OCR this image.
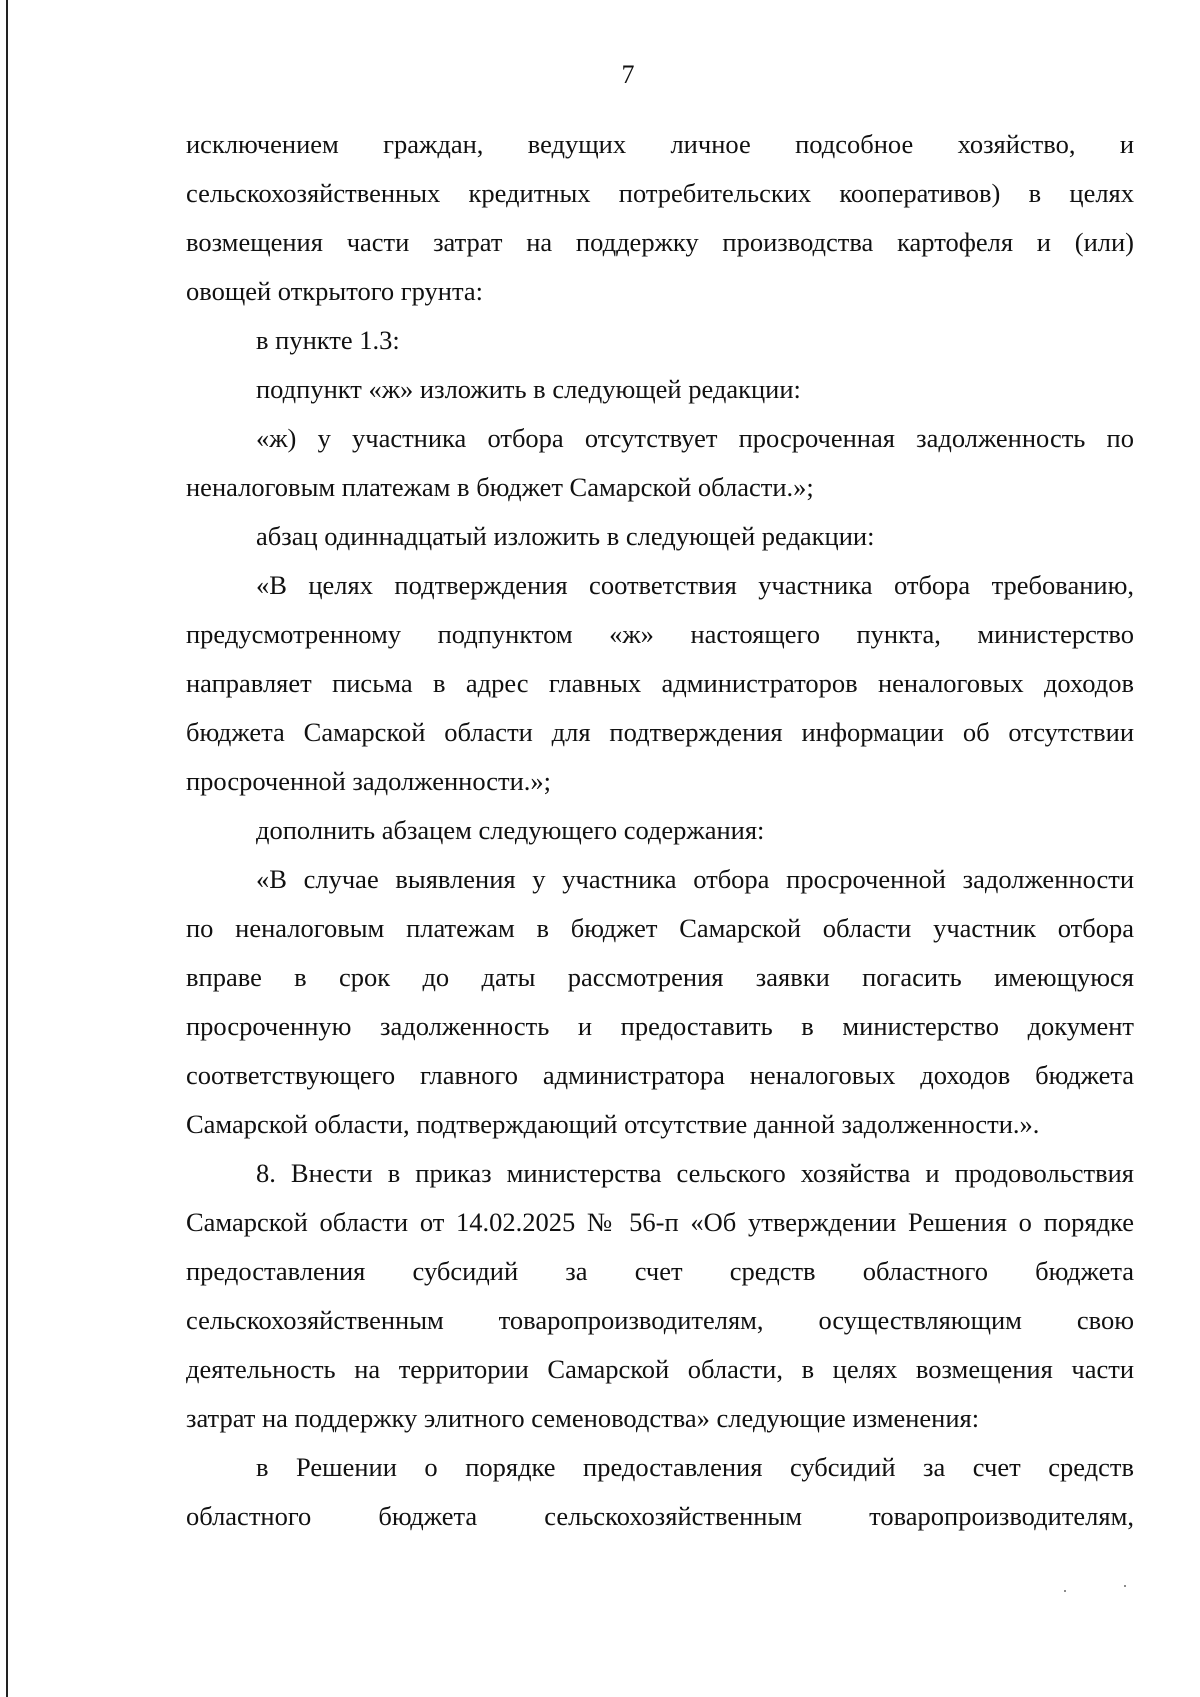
7

исключением граждан, ведущих личное подсобное хозяйство, и
сельскохозяйственных кредитных потребительских кооперативов) в целях
возмещения части затрат на поддержку производства картофеля и (или)
овощей открытого грунта:

в пункте 1.3:

подпункт «ж» изложить в следующей редакции:

«ж) у участника отбора отсутствует просроченная задолженность по
неналоговым платежам в бюджет Самарской области.»;

абзац одиннадцатый изложить в следующей редакции:

«В целях подтверждения соответствия участника отбора требованию,
предусмотренному подпунктом «ж» настоящего пункта, министерство
направляет письма в адрес главных администраторов неналоговых доходов
бюджета Самарской области для подтверждения информации об отсутствии
просроченной задолженности.»;

дополнить абзацем следующего содержания:

«В случае выявления у участника отбора просроченной задолженности
по неналоговым платежам в бюджет Самарской области участник отбора
вправе в срок до даты рассмотрения заявки погасить имеющуюся
просроченную задолженность и предоставить в министерство документ
соответствующего главного администратора неналоговых доходов бюджета
Самарской области, подтверждающий отсутствие данной задолженности.».

8. Внести в приказ министерства сельского хозяйства и продовольствия
Самарской области от 14.02.2025 № 56-п «Об утверждении Решения о порядке
предоставления субсидий за счет средств областного бюджета
сельскохозяйственным товаропроизводителям, осуществляющим свою
деятельность на территории Самарской области, в целях возмещения части
затрат на поддержку элитного семеноводства» следующие изменения:

в Решении о порядке предоставления субсидий за счет средств
областного бюджета сельскохозяйственным товаропроизводителям,
